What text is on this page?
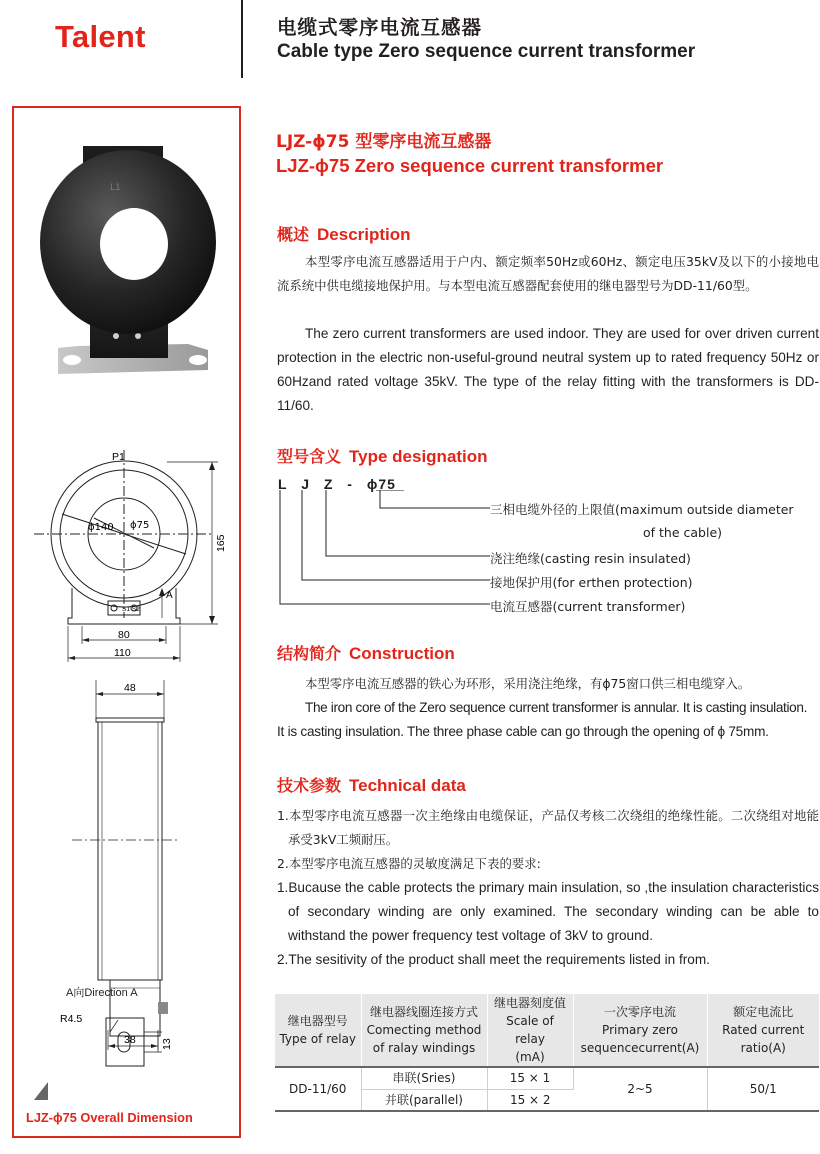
Talent	电缆式零序电流互感器
Cable type Zero sequence current transformer
L1
P1
ϕ140 ϕ75
165
A
S1 S2
80
110
48
38
A向Direction A
R4.5
13
LJZ-ϕ75 Overall Dimension
LJZ-ϕ75 型零序电流互感器
LJZ-ϕ75 Zero sequence current transformer
概述 Description
本型零序电流互感器适用于户内、额定频率50Hz或60Hz、额定电压35kV及以下的小接地电流系统中供电缆接地保护用。与本型电流互感器配套使用的继电器型号为DD-11/60型。
The zero current transformers are used indoor. They are used for over driven current protection in the electric non-useful-ground neutral system up to rated frequency 50Hz or 60Hzand rated voltage 35kV. The type of the relay fitting with the transformers is DD-11/60.
型号含义 Type designation
L J Z - ϕ75
三相电缆外径的上限值(maximum outside diameter
of the cable)
浇注绝缘(casting resin insulated)
接地保护用(for erthen protection)
电流互感器(current transformer)
结构简介 Construction
本型零序电流互感器的铁心为环形，采用浇注绝缘，有ϕ75窗口供三相电缆穿入。
The iron core of the Zero sequence current transformer is annular. It is casting insulation.
It is casting insulation. The three phase cable can go through the opening of ϕ 75mm.
技术参数 Technical data
1.本型零序电流互感器一次主绝缘由电缆保证，产品仅考核二次绕组的绝缘性能。二次绕组对地能承受3kV工频耐压。
2.本型零序电流互感器的灵敏度满足下表的要求:
1.Bucause the cable protects the primary main insulation, so ,the insulation characteristics of secondary winding are only examined. The secondary winding can be able to withstand the power frequency test voltage of 3kV to ground.
2.The sesitivity of the product shall meet the requirements listed in from.
继电器型号
Type of relay	继电器线圈连接方式
Comecting method
of ralay windings	继电器刻度值
Scale of relay
(mA)	一次零序电流
Primary zero
sequencecurrent(A)	额定电流比
Rated current
ratio(A)
DD-11/60	串联(Sries)	15 × 1	2~5	50/1
	并联(parallel)	15 × 2		
